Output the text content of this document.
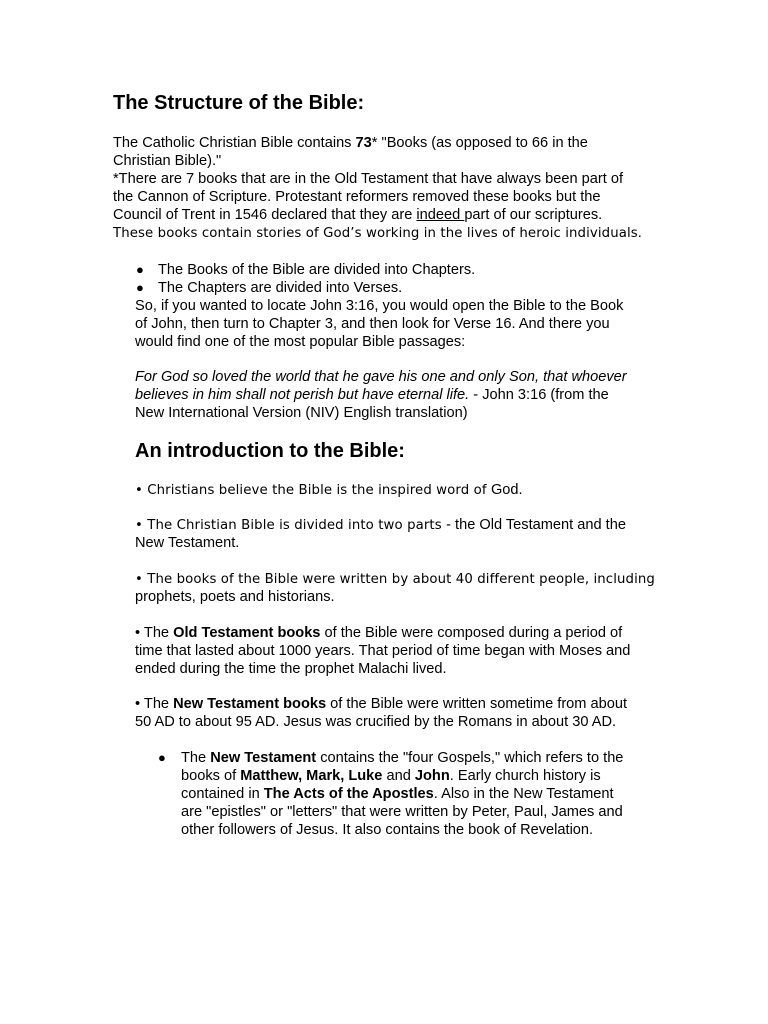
The Structure of the Bible:

The Catholic Christian Bible contains 73* "Books (as opposed to 66 in the

Christian Bible)."

*There are 7 books that are in the Old Testament that have always been part of

the Cannon of Scripture. Protestant reformers removed these books but the

Council of Trent in 1546 declared that they are indeed part of our scriptures.

These books contain stories of God’s working in the lives of heroic individuals.

● The Books of the Bible are divided into Chapters.

● The Chapters are divided into Verses.

So, if you wanted to locate John 3:16, you would open the Bible to the Book

of John, then turn to Chapter 3, and then look for Verse 16. And there you

would find one of the most popular Bible passages:

For God so loved the world that he gave his one and only Son, that whoever

believes in him shall not perish but have eternal life. - John 3:16 (from the

New International Version (NIV) English translation)

An introduction to the Bible:

• Christians believe the Bible is the inspired word of God.

• The Christian Bible is divided into two parts - the Old Testament and the

New Testament.

• The books of the Bible were written by about 40 different people, including

prophets, poets and historians.

• The Old Testament books of the Bible were composed during a period of

time that lasted about 1000 years. That period of time began with Moses and

ended during the time the prophet Malachi lived.

• The New Testament books of the Bible were written sometime from about

50 AD to about 95 AD. Jesus was crucified by the Romans in about 30 AD.

● The New Testament contains the "four Gospels," which refers to the

books of Matthew, Mark, Luke and John. Early church history is

contained in The Acts of the Apostles. Also in the New Testament

are "epistles" or "letters" that were written by Peter, Paul, James and

other followers of Jesus. It also contains the book of Revelation.
